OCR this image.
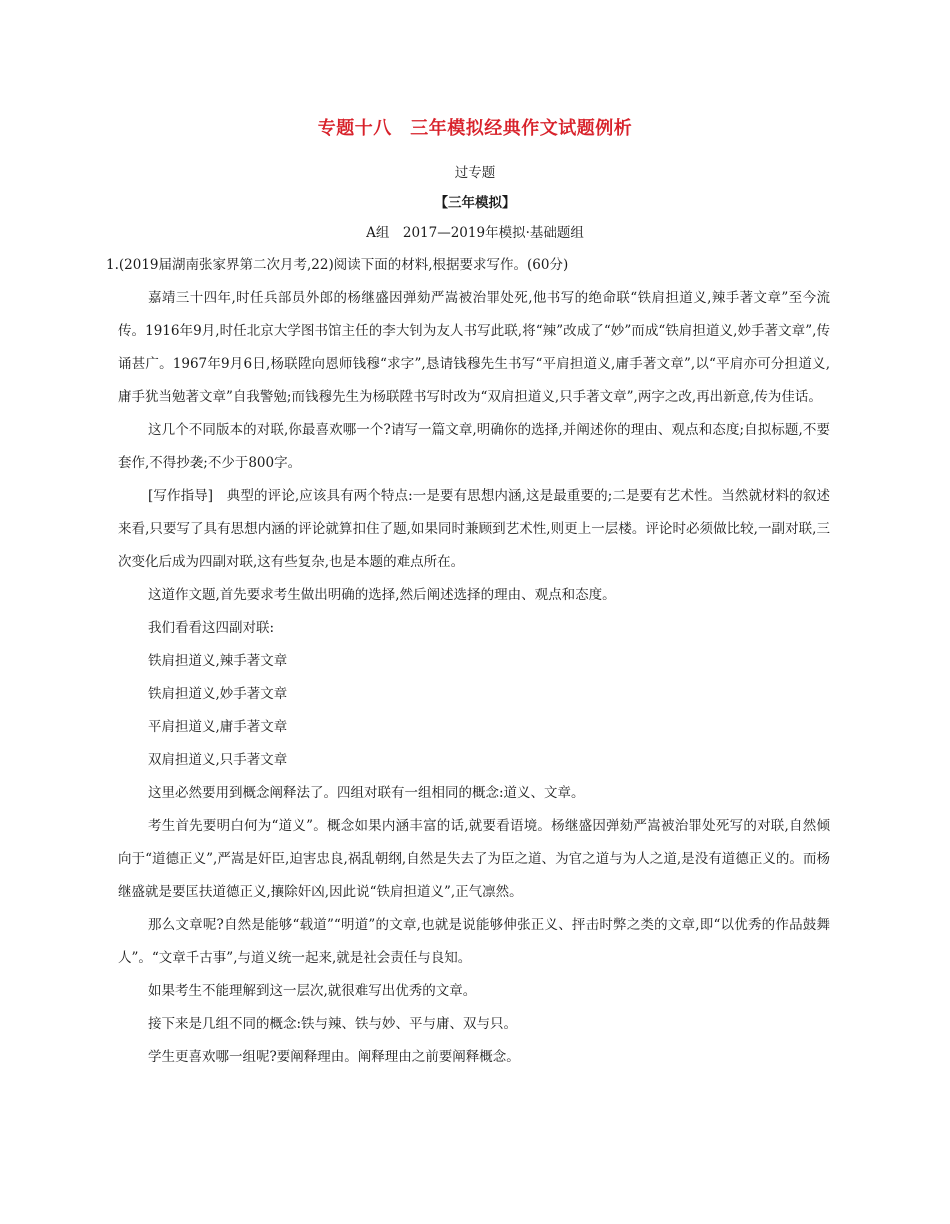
专题十八　三年模拟经典作文试题例析
过专题
【三年模拟】
A组　2017—2019年模拟·基础题组

1.(2019届湖南张家界第二次月考,22)阅读下面的材料,根据要求写作。(60分)

嘉靖三十四年,时任兵部员外郎的杨继盛因弹劾严嵩被治罪处死,他书写的绝命联“铁肩担道义,辣手著文章”至今流传。1916年9月,时任北京大学图书馆主任的李大钊为友人书写此联,将“辣”改成了“妙”而成“铁肩担道义,妙手著文章”,传诵甚广。1967年9月6日,杨联陞向恩师钱穆“求字”,恳请钱穆先生书写“平肩担道义,庸手著文章”,以“平肩亦可分担道义,庸手犹当勉著文章”自我警勉;而钱穆先生为杨联陞书写时改为“双肩担道义,只手著文章”,两字之改,再出新意,传为佳话。

这几个不同版本的对联,你最喜欢哪一个?请写一篇文章,明确你的选择,并阐述你的理由、观点和态度;自拟标题,不要套作,不得抄袭;不少于800字。

[写作指导]　典型的评论,应该具有两个特点:一是要有思想内涵,这是最重要的;二是要有艺术性。当然就材料的叙述来看,只要写了具有思想内涵的评论就算扣住了题,如果同时兼顾到艺术性,则更上一层楼。评论时必须做比较,一副对联,三次变化后成为四副对联,这有些复杂,也是本题的难点所在。

这道作文题,首先要求考生做出明确的选择,然后阐述选择的理由、观点和态度。

我们看看这四副对联:

铁肩担道义,辣手著文章

铁肩担道义,妙手著文章

平肩担道义,庸手著文章

双肩担道义,只手著文章

这里必然要用到概念阐释法了。四组对联有一组相同的概念:道义、文章。

考生首先要明白何为“道义”。概念如果内涵丰富的话,就要看语境。杨继盛因弹劾严嵩被治罪处死写的对联,自然倾向于“道德正义”,严嵩是奸臣,迫害忠良,祸乱朝纲,自然是失去了为臣之道、为官之道与为人之道,是没有道德正义的。而杨继盛就是要匡扶道德正义,攘除奸凶,因此说“铁肩担道义”,正气凛然。

那么文章呢?自然是能够“载道”“明道”的文章,也就是说能够伸张正义、抨击时弊之类的文章,即“以优秀的作品鼓舞人”。“文章千古事”,与道义统一起来,就是社会责任与良知。

如果考生不能理解到这一层次,就很难写出优秀的文章。

接下来是几组不同的概念:铁与辣、铁与妙、平与庸、双与只。

学生更喜欢哪一组呢?要阐释理由。阐释理由之前要阐释概念。
